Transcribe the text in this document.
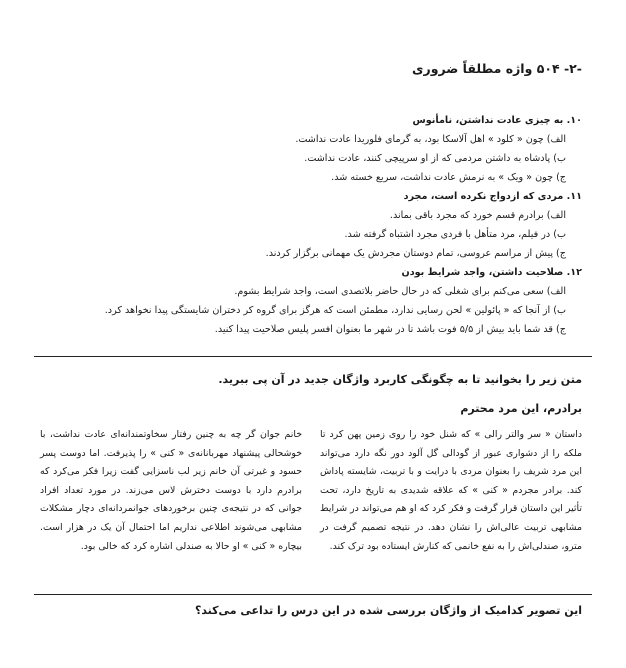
-۲- ۵۰۴ واژه مطلقاً ضروری
۱۰. به چیزی عادت نداشتن، نامأنوس
الف) چون « کلود » اهل آلاسکا بود، به گرمای فلوریدا عادت نداشت.
ب) پادشاه به داشتن مردمی که از او سرپیچی کنند، عادت نداشت.
ج) چون « ویک » به نرمش عادت نداشت، سریع خسته شد.
۱۱. مردی که ازدواج نکرده است، مجرد
الف) برادرم قسم خورد که مجرد باقی بماند.
ب) در فیلم، مرد متأهل با فردی مجرد اشتباه گرفته شد.
ج) پیش از مراسم عروسی، تمام دوستان مجردش یک مهمانی برگزار کردند.
۱۲. صلاحیت داشتن، واجد شرایط بودن
الف) سعی می‌کنم برای شغلی که در حال حاضر بلاتصدی است، واجد شرایط بشوم.
ب) از آنجا که « پائولین » لحن رسایی ندارد، مطمئن است که هرگز برای گروه کر دختران شایستگی پیدا نخواهد کرد.
ج) قد شما باید بیش از ۵/۵ فوت باشد تا در شهر ما بعنوان افسر پلیس صلاحیت پیدا کنید.
متن زیر را بخوانید تا به چگونگی کاربرد واژگان جدید در آن پی ببرید.
برادرم، این مرد محترم

داستان « سر والتر رالی » که شنل خود را روی زمین پهن کرد تا ملکه را از دشواری عبور از گودالی گل آلود دور نگه دارد می‌تواند این مرد شریف را بعنوان مردی با درایت و با تربیت، شایسته پاداش کند. برادر مجردم « کنی » که علاقه شدیدی به تاریخ دارد، تحت تأثیر این داستان قرار گرفت و فکر کرد که او هم می‌تواند در شرایط مشابهی تربیت عالی‌اش را نشان دهد. در نتیجه تصمیم گرفت در مترو، صندلی‌اش را به نفع خانمی که کنارش ایستاده بود ترک کند.

خانم جوان گر چه به چنین رفتار سخاوتمندانه‌ای عادت نداشت، با خوشحالی پیشنهاد مهربانانه‌ی « کنی » را پذیرفت. اما دوست پسر حسود و غیرتی آن خانم زیر لب ناسزایی گفت زیرا فکر می‌کرد که برادرم دارد با دوست دخترش لاس می‌زند. در مورد تعداد افراد جوانی که در نتیجه‌ی چنین برخوردهای جوانمردانه‌ای دچار مشکلات مشابهی می‌شوند اطلاعی نداریم اما احتمال آن یک در هزار است. بیچاره « کنی » او حالا به صندلی اشاره کرد که خالی بود.

این تصویر کدامیک از واژگان بررسی شده در این درس را تداعی می‌کند؟
